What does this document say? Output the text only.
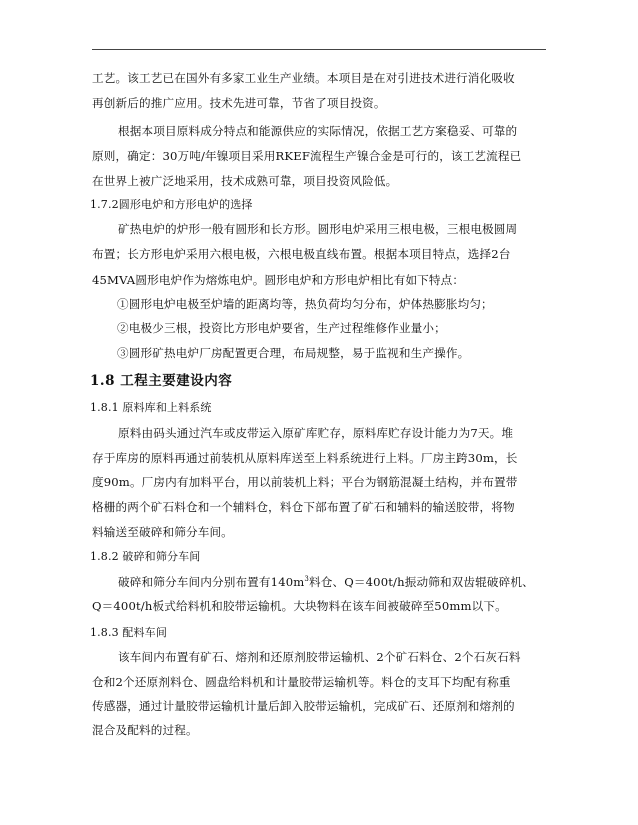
工艺。该工艺已在国外有多家工业生产业绩。本项目是在对引进技术进行消化吸收
再创新后的推广应用。技术先进可靠，节省了项目投资。
根据本项目原料成分特点和能源供应的实际情况，依据工艺方案稳妥、可靠的
原则，确定：30万吨/年镍项目采用RKEF流程生产镍合金是可行的，该工艺流程已
在世界上被广泛地采用，技术成熟可靠，项目投资风险低。
1.7.2圆形电炉和方形电炉的选择
矿热电炉的炉形一般有圆形和长方形。圆形电炉采用三根电极，三根电极圆周
布置；长方形电炉采用六根电极，六根电极直线布置。根据本项目特点，选择2台
45MVA圆形电炉作为熔炼电炉。圆形电炉和方形电炉相比有如下特点：
①圆形电炉电极至炉墙的距离均等，热负荷均匀分布，炉体热膨胀均匀；
②电极少三根，投资比方形电炉要省，生产过程维修作业量小；
③圆形矿热电炉厂房配置更合理，布局规整，易于监视和生产操作。
1.8 工程主要建设内容
1.8.1 原料库和上料系统
原料由码头通过汽车或皮带运入原矿库贮存，原料库贮存设计能力为7天。堆
存于库房的原料再通过前装机从原料库送至上料系统进行上料。厂房主跨30m，长
度90m。厂房内有加料平台，用以前装机上料；平台为钢筋混凝土结构，并布置带
格栅的两个矿石料仓和一个辅料仓，料仓下部布置了矿石和辅料的输送胶带，将物
料输送至破碎和筛分车间。
1.8.2 破碎和筛分车间
破碎和筛分车间内分别布置有$140m^3$料仓、Q＝400t/h振动筛和双齿辊破碎机、
Q＝400t/h板式给料机和胶带运输机。大块物料在该车间被破碎至50mm以下。
1.8.3 配料车间
该车间内布置有矿石、熔剂和还原剂胶带运输机、2个矿石料仓、2个石灰石料
仓和2个还原剂料仓、圆盘给料机和计量胶带运输机等。料仓的支耳下均配有称重
传感器，通过计量胶带运输机计量后卸入胶带运输机，完成矿石、还原剂和熔剂的
混合及配料的过程。
